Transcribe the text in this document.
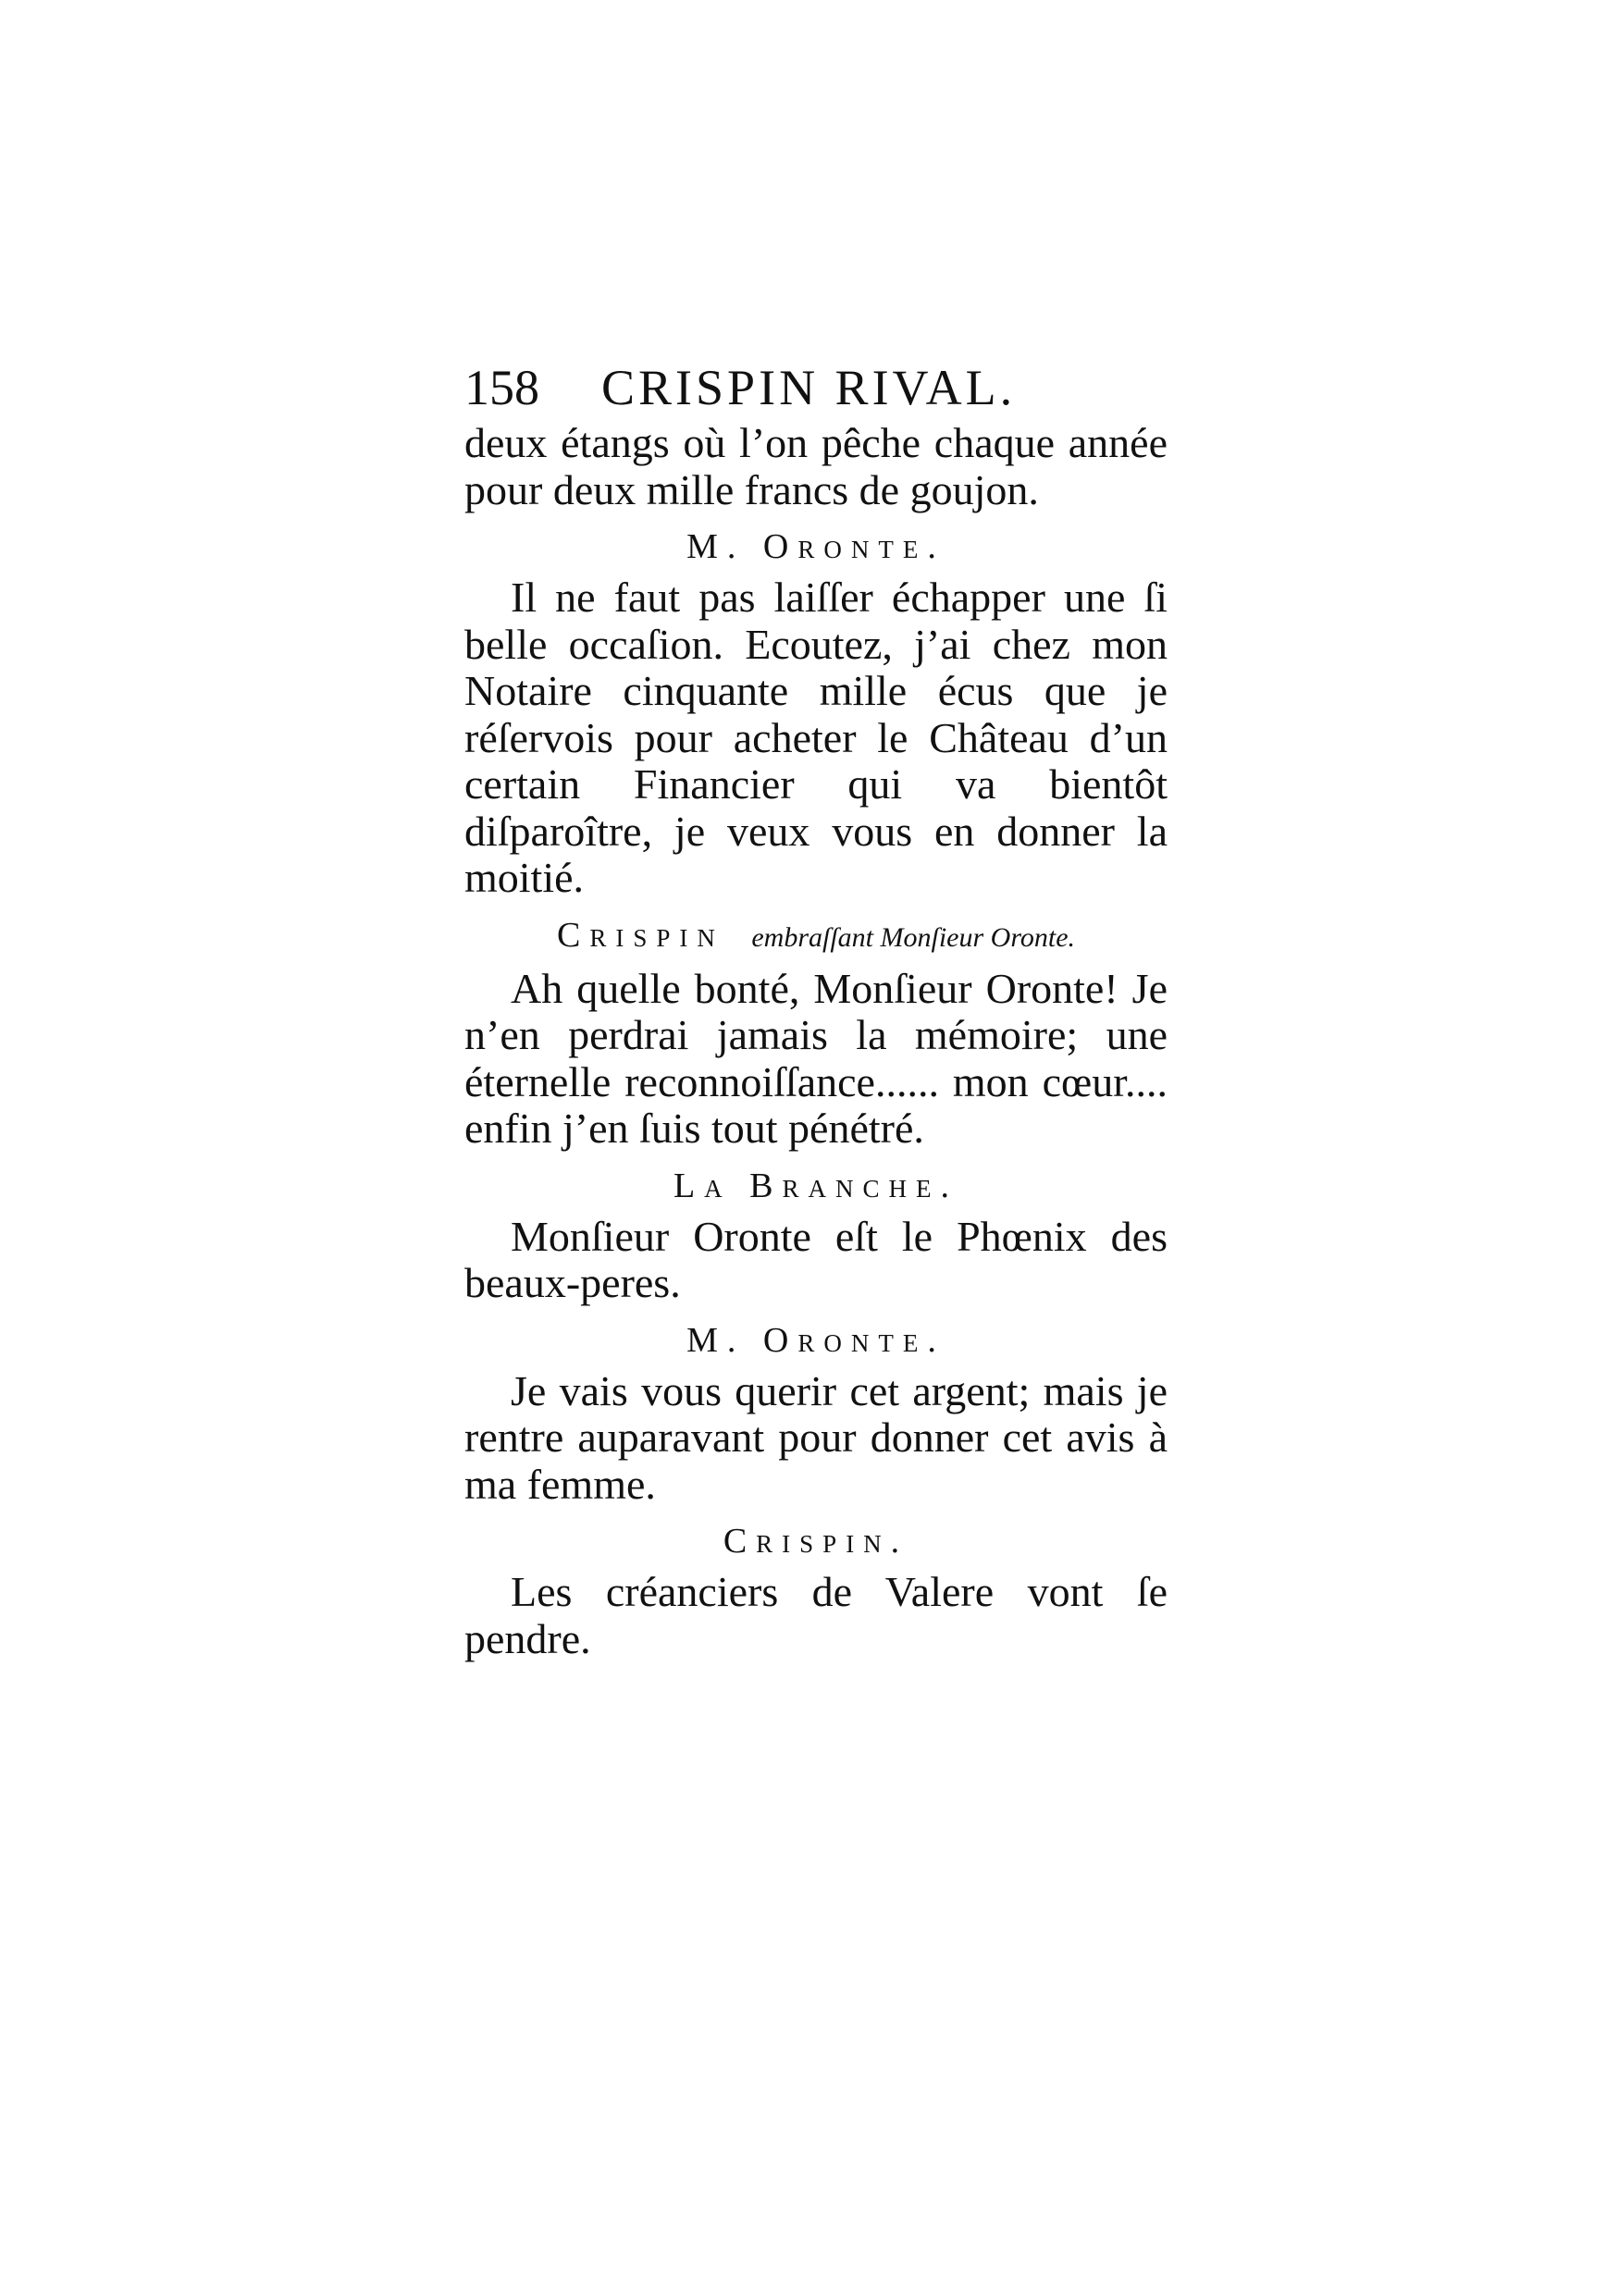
158 CRISPIN RIVAL.

deux étangs où l’on pêche chaque année pour deux mille francs de goujon.

M. Oronte.

Il ne faut pas laiſſer échapper une ſi belle occaſion. Ecoutez, j’ai chez mon Notaire cinquante mille écus que je réſervois pour acheter le Château d’un certain Financier qui va bientôt diſparoître, je veux vous en donner la moitié.

Crispin embraſſant Monſieur Oronte.

Ah quelle bonté, Monſieur Oronte! Je n’en perdrai jamais la mémoire; une éternelle reconnoiſſance...... mon cœur.... enfin j’en ſuis tout pénétré.

La Branche.

Monſieur Oronte eſt le Phœnix des beaux-peres.

M. Oronte.

Je vais vous querir cet argent; mais je rentre auparavant pour donner cet avis à ma femme.

Crispin.

Les créanciers de Valere vont ſe pendre.
